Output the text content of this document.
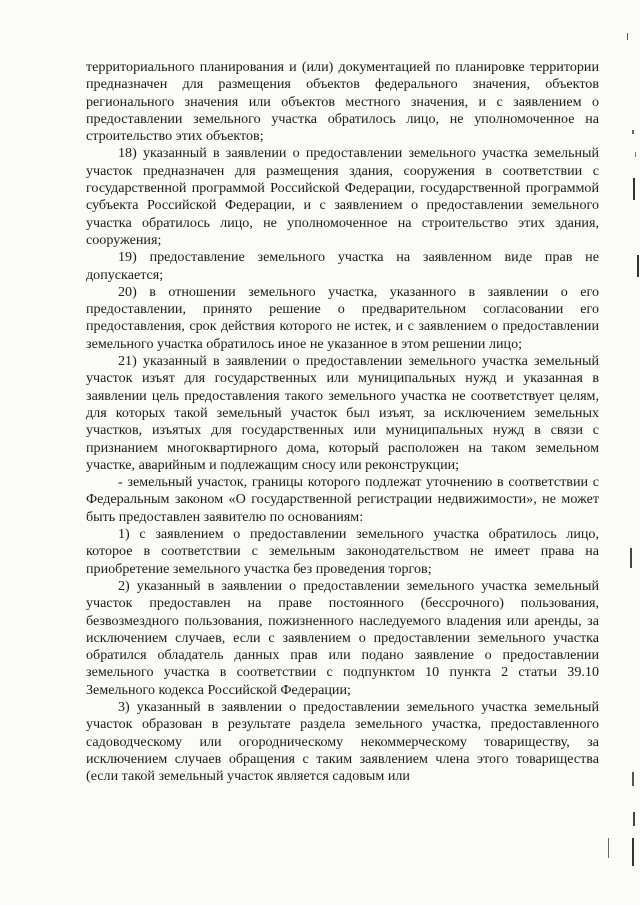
территориального планирования и (или) документацией по планировке территории предназначен для размещения объектов федерального значения, объектов регионального значения или объектов местного значения, и с заявлением о предоставлении земельного участка обратилось лицо, не уполномоченное на строительство этих объектов;

18) указанный в заявлении о предоставлении земельного участка земельный участок предназначен для размещения здания, сооружения в соответствии с государственной программой Российской Федерации, государственной программой субъекта Российской Федерации, и с заявлением о предоставлении земельного участка обратилось лицо, не уполномоченное на строительство этих здания, сооружения;

19) предоставление земельного участка на заявленном виде прав не допускается;

20) в отношении земельного участка, указанного в заявлении о его предоставлении, принято решение о предварительном согласовании его предоставления, срок действия которого не истек, и с заявлением о предоставлении земельного участка обратилось иное не указанное в этом решении лицо;

21) указанный в заявлении о предоставлении земельного участка земельный участок изъят для государственных или муниципальных нужд и указанная в заявлении цель предоставления такого земельного участка не соответствует целям, для которых такой земельный участок был изъят, за исключением земельных участков, изъятых для государственных или муниципальных нужд в связи с признанием многоквартирного дома, который расположен на таком земельном участке, аварийным и подлежащим сносу или реконструкции;

- земельный участок, границы которого подлежат уточнению в соответствии с Федеральным законом «О государственной регистрации недвижимости», не может быть предоставлен заявителю по основаниям:

1) с заявлением о предоставлении земельного участка обратилось лицо, которое в соответствии с земельным законодательством не имеет права на приобретение земельного участка без проведения торгов;

2) указанный в заявлении о предоставлении земельного участка земельный участок предоставлен на праве постоянного (бессрочного) пользования, безвозмездного пользования, пожизненного наследуемого владения или аренды, за исключением случаев, если с заявлением о предоставлении земельного участка обратился обладатель данных прав или подано заявление о предоставлении земельного участка в соответствии с подпунктом 10 пункта 2 статьи 39.10 Земельного кодекса Российской Федерации;

3) указанный в заявлении о предоставлении земельного участка земельный участок образован в результате раздела земельного участка, предоставленного садоводческому или огородническому некоммерческому товариществу, за исключением случаев обращения с таким заявлением члена этого товарищества (если такой земельный участок является садовым или
